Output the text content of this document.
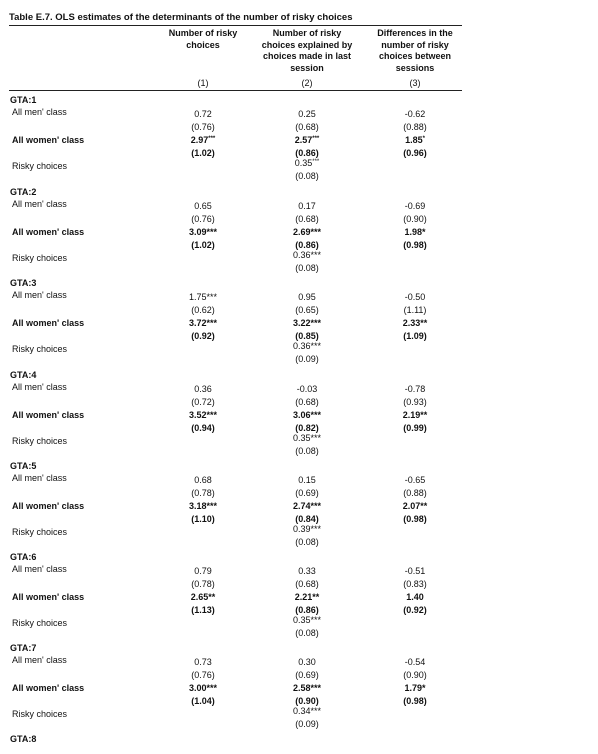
Table E.7. OLS estimates of the determinants of the number of risky choices
Number of risky
choices
Number of risky
choices explained by
choices made in last
session
Differences in the
number of risky
choices between
sessions
(1)	(2)	(3)
GTA:1
All men' class
All women' class
Risky choices
0.72
(0.76)
2.97***
(1.02)
0.25
(0.68)
2.57***
(0.86)
0.35***
(0.08)
-0.62
(0.88)
1.85*
(0.96)
GTA:2
All men' class
All women' class
Risky choices
0.65
(0.76)
3.09***
(1.02)
0.17
(0.68)
2.69***
(0.86)
0.36***
(0.08)
-0.69
(0.90)
1.98*
(0.98)
GTA:3
All men' class
All women' class
Risky choices
1.75***
(0.62)
3.72***
(0.92)
0.95
(0.65)
3.22***
(0.85)
0.36***
(0.09)
-0.50
(1.11)
2.33**
(1.09)
GTA:4
All men' class
All women' class
Risky choices
0.36
(0.72)
3.52***
(0.94)
-0.03
(0.68)
3.06***
(0.82)
0.35***
(0.08)
-0.78
(0.93)
2.19**
(0.99)
GTA:5
All men' class
All women' class
Risky choices
0.68
(0.78)
3.18***
(1.10)
0.15
(0.69)
2.74***
(0.84)
0.39***
(0.08)
-0.65
(0.88)
2.07**
(0.98)
GTA:6
All men' class
All women' class
Risky choices
0.79
(0.78)
2.65**
(1.13)
0.33
(0.68)
2.21**
(0.86)
0.35***
(0.08)
-0.51
(0.83)
1.40
(0.92)
GTA:7
All men' class
All women' class
Risky choices
0.73
(0.76)
3.00***
(1.04)
0.30
(0.69)
2.58***
(0.90)
0.34***
(0.09)
-0.54
(0.90)
1.79*
(0.98)
GTA:8
